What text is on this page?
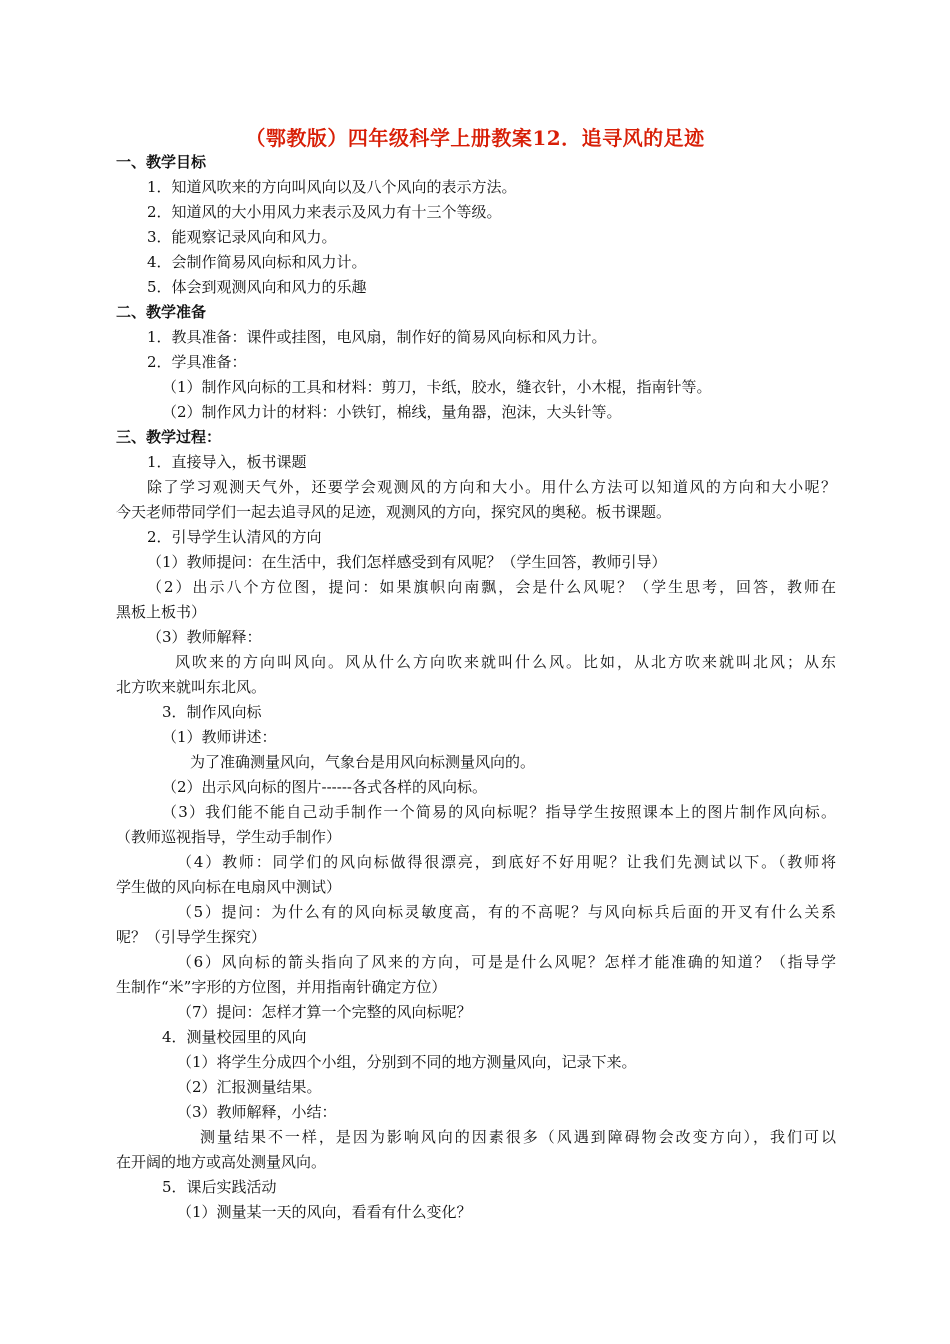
（鄂教版）四年级科学上册教案12．追寻风的足迹
一、教学目标
1．知道风吹来的方向叫风向以及八个风向的表示方法。
2．知道风的大小用风力来表示及风力有十三个等级。
3．能观察记录风向和风力。
4．会制作简易风向标和风力计。
5．体会到观测风向和风力的乐趣
二、教学准备
1．教具准备：课件或挂图，电风扇，制作好的简易风向标和风力计。
2．学具准备：
（1）制作风向标的工具和材料：剪刀，卡纸，胶水，缝衣针，小木棍，指南针等。
（2）制作风力计的材料：小铁钉，棉线，量角器，泡沫，大头针等。
三、教学过程：
1．直接导入，板书课题
除了学习观测天气外，还要学会观测风的方向和大小。用什么方法可以知道风的方向和大小呢？
今天老师带同学们一起去追寻风的足迹，观测风的方向，探究风的奥秘。板书课题。
2．引导学生认清风的方向
（1）教师提问：在生活中，我们怎样感受到有风呢？（学生回答，教师引导）
（2）出示八个方位图，提问：如果旗帜向南飘，会是什么风呢？（学生思考，回答，教师在
黑板上板书）
（3）教师解释：
风吹来的方向叫风向。风从什么方向吹来就叫什么风。比如，从北方吹来就叫北风；从东
北方吹来就叫东北风。
3．制作风向标
（1）教师讲述：
为了准确测量风向，气象台是用风向标测量风向的。
（2）出示风向标的图片------各式各样的风向标。
（3）我们能不能自己动手制作一个简易的风向标呢？指导学生按照课本上的图片制作风向标。
（教师巡视指导，学生动手制作）
（4）教师：同学们的风向标做得很漂亮，到底好不好用呢？让我们先测试以下。（教师将
学生做的风向标在电扇风中测试）
（5）提问：为什么有的风向标灵敏度高，有的不高呢？与风向标兵后面的开叉有什么关系
呢？（引导学生探究）
（6）风向标的箭头指向了风来的方向，可是是什么风呢？怎样才能准确的知道？（指导学
生制作“米”字形的方位图，并用指南针确定方位）
（7）提问：怎样才算一个完整的风向标呢？
4．测量校园里的风向
（1）将学生分成四个小组，分别到不同的地方测量风向，记录下来。
（2）汇报测量结果。
（3）教师解释，小结：
测量结果不一样，是因为影响风向的因素很多（风遇到障碍物会改变方向），我们可以
在开阔的地方或高处测量风向。
5．课后实践活动
（1）测量某一天的风向，看看有什么变化？
